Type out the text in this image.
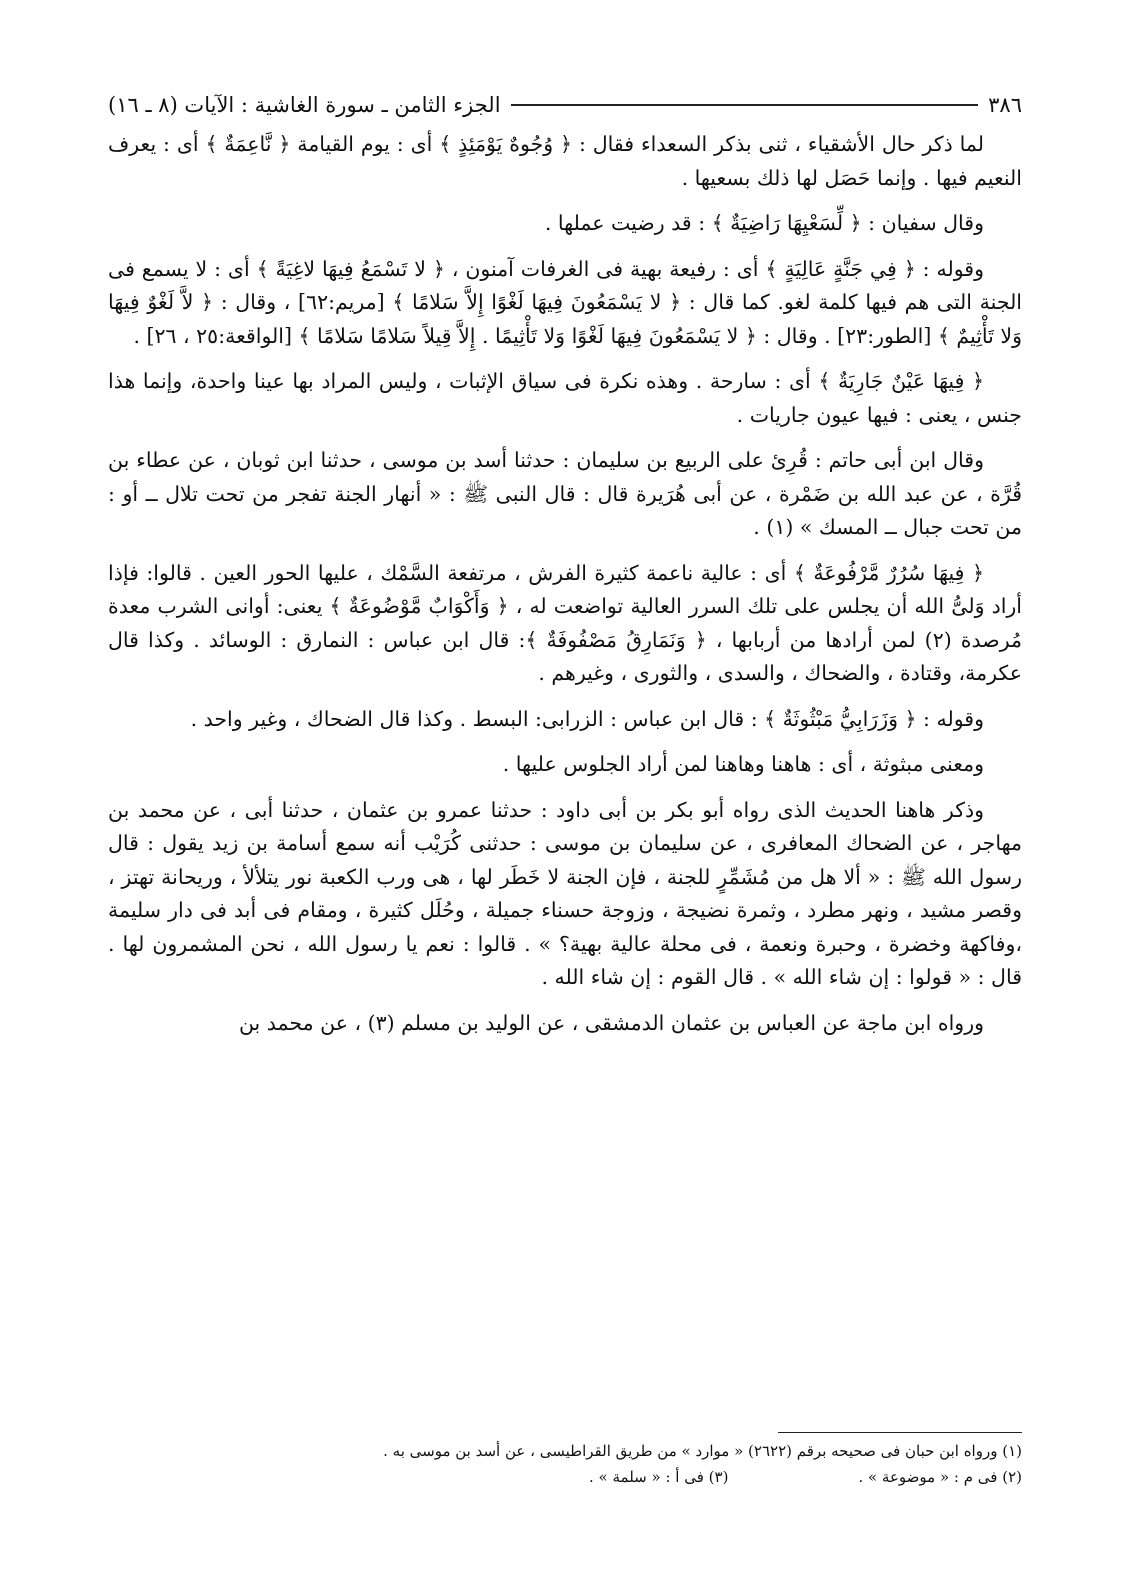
٣٨٦
الجزء الثامن ـ سورة الغاشية : الآيات (٨ ـ ١٦)

لما ذكر حال الأشقياء ، ثنى بذكر السعداء فقال : ﴿ وُجُوهٌ يَوْمَئِذٍ ﴾ أى : يوم القيامة ﴿ نَّاعِمَةٌ ﴾ أى : يعرف النعيم فيها . وإنما حَصَل لها ذلك بسعيها .

وقال سفيان : ﴿ لِّسَعْيِهَا رَاضِيَةٌ ﴾ : قد رضيت عملها .

وقوله : ﴿ فِي جَنَّةٍ عَالِيَةٍ ﴾ أى : رفيعة بهية فى الغرفات آمنون ، ﴿ لا تَسْمَعُ فِيهَا لاغِيَةً ﴾ أى : لا يسمع فى الجنة التى هم فيها كلمة لغو. كما قال : ﴿ لا يَسْمَعُونَ فِيهَا لَغْوًا إِلاَّ سَلامًا ﴾ [مريم:٦٢] ، وقال : ﴿ لاَّ لَغْوٌ فِيهَا وَلا تَأْثِيمٌ ﴾ [الطور:٢٣] . وقال : ﴿ لا يَسْمَعُونَ فِيهَا لَغْوًا وَلا تَأْثِيمًا . إِلاَّ قِيلاً سَلامًا سَلامًا ﴾ [الواقعة:٢٥ ، ٢٦] .

﴿ فِيهَا عَيْنٌ جَارِيَةٌ ﴾ أى : سارحة . وهذه نكرة فى سياق الإثبات ، وليس المراد بها عينا واحدة، وإنما هذا جنس ، يعنى : فيها عيون جاريات .

وقال ابن أبى حاتم : قُرِئ على الربيع بن سليمان : حدثنا أسد بن موسى ، حدثنا ابن ثوبان ، عن عطاء بن قُرَّة ، عن عبد الله بن ضَمْرة ، عن أبى هُرَيرة قال : قال النبى ﷺ : « أنهار الجنة تفجر من تحت تلال ــ أو : من تحت جبال ــ المسك » (١) .

﴿ فِيهَا سُرُرٌ مَّرْفُوعَةٌ ﴾ أى : عالية ناعمة كثيرة الفرش ، مرتفعة السَّمْك ، عليها الحور العين . قالوا: فإذا أراد وَلىُّ الله أن يجلس على تلك السرر العالية تواضعت له ، ﴿ وَأَكْوَابٌ مَّوْضُوعَةٌ ﴾ يعنى: أوانى الشرب معدة مُرصدة (٢) لمن أرادها من أربابها ، ﴿ وَنَمَارِقُ مَصْفُوفَةٌ ﴾: قال ابن عباس : النمارق : الوسائد . وكذا قال عكرمة، وقتادة ، والضحاك ، والسدى ، والثورى ، وغيرهم .

وقوله : ﴿ وَزَرَابِيُّ مَبْثُوثَةٌ ﴾ : قال ابن عباس : الزرابى: البسط . وكذا قال الضحاك ، وغير واحد .

ومعنى مبثوثة ، أى : هاهنا وهاهنا لمن أراد الجلوس عليها .

وذكر هاهنا الحديث الذى رواه أبو بكر بن أبى داود : حدثنا عمرو بن عثمان ، حدثنا أبى ، عن محمد بن مهاجر ، عن الضحاك المعافرى ، عن سليمان بن موسى : حدثنى كُرَيْب أنه سمع أسامة بن زيد يقول : قال رسول الله ﷺ : « ألا هل من مُشَمِّرٍ للجنة ، فإن الجنة لا خَطَر لها ، هى ورب الكعبة نور يتلألأ ، وريحانة تهتز ، وقصر مشيد ، ونهر مطرد ، وثمرة نضيجة ، وزوجة حسناء جميلة ، وحُلَل كثيرة ، ومقام فى أبد فى دار سليمة ،وفاكهة وخضرة ، وحبرة ونعمة ، فى محلة عالية بهية؟ » . قالوا : نعم يا رسول الله ، نحن المشمرون لها . قال : « قولوا : إن شاء الله » . قال القوم : إن شاء الله .

ورواه ابن ماجة عن العباس بن عثمان الدمشقى ، عن الوليد بن مسلم (٣) ، عن محمد بن

(١) ورواه ابن حبان فى صحيحه برقم (٢٦٢٢) « موارد » من طريق القراطيسى ، عن أسد بن موسى به .

(٢) فى م : « موضوعة » .
(٣) فى أ : « سلمة » .
